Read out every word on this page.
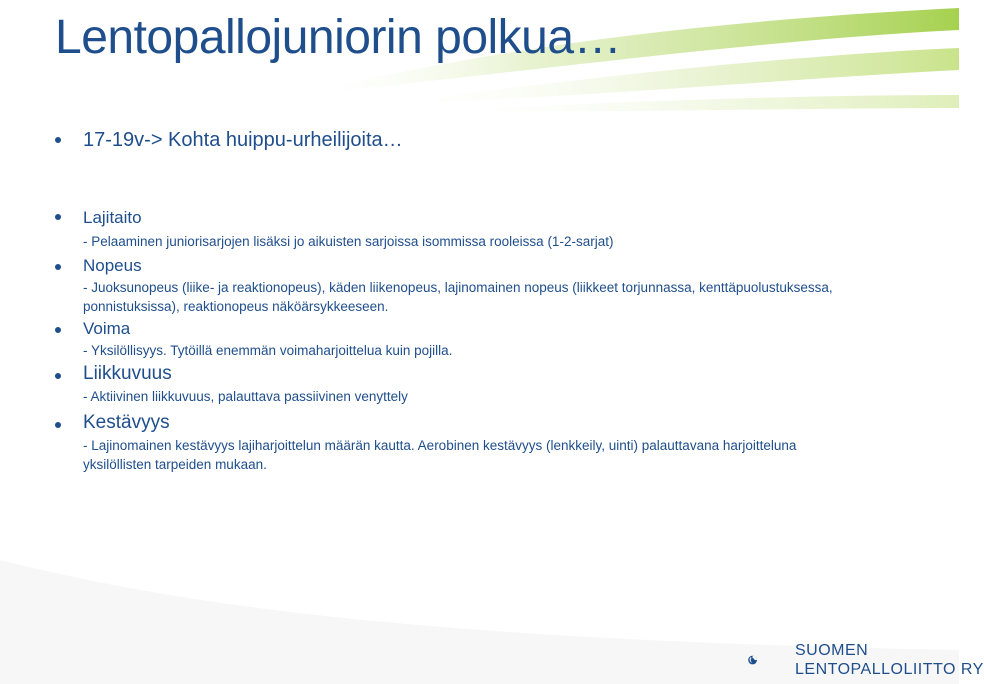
Lentopallojuniorin polkua…
17-19v-> Kohta huippu-urheilijoita…
Lajitaito
- Pelaaminen juniorisarjojen lisäksi jo aikuisten sarjoissa isommissa rooleissa (1-2-sarjat)
Nopeus
- Juoksunopeus (liike- ja reaktionopeus), käden liikenopeus, lajinomainen nopeus (liikkeet torjunnassa, kenttäpuolustuksessa,
ponnistuksissa), reaktionopeus näköärsykkeeseen.
Voima
- Yksilöllisyys. Tytöillä enemmän voimaharjoittelua kuin pojilla.
Liikkuvuus
- Aktiivinen liikkuvuus, palauttava passiivinen venyttely
Kestävyys
- Lajinomainen kestävyys lajiharjoittelun määrän kautta. Aerobinen kestävyys (lenkkeily, uinti) palauttavana harjoitteluna
yksilöllisten tarpeiden mukaan.
SUOMEN
LENTOPALLOLIITTO RY
